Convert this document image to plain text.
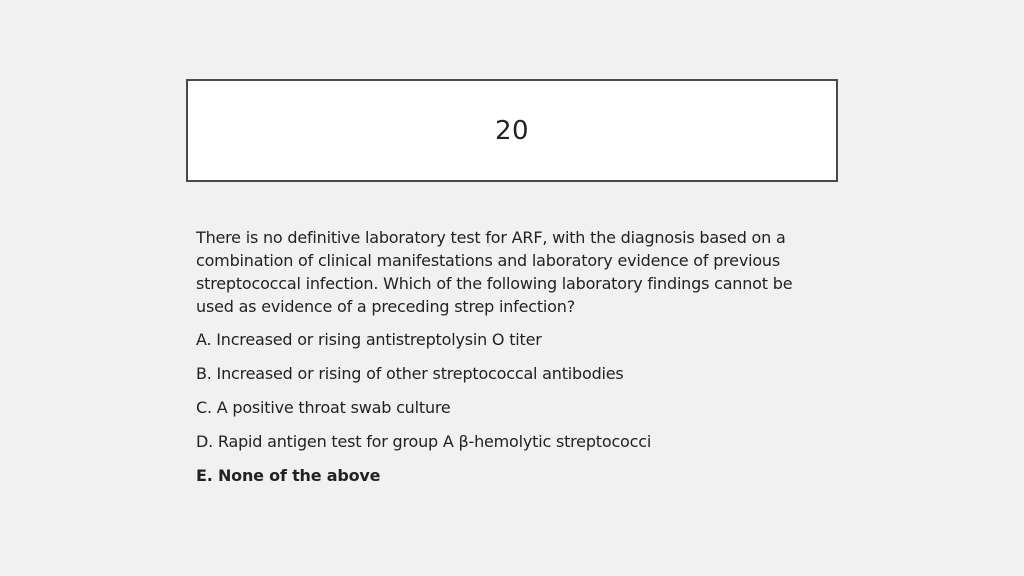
20

There is no definitive laboratory test for ARF, with the diagnosis based on a combination of clinical manifestations and laboratory evidence of previous streptococcal infection. Which of the following laboratory findings cannot be used as evidence of a preceding strep infection?

A. Increased or rising antistreptolysin O titer

B. Increased or rising of other streptococcal antibodies

C. A positive throat swab culture

D. Rapid antigen test for group A β-hemolytic streptococci

E. None of the above
